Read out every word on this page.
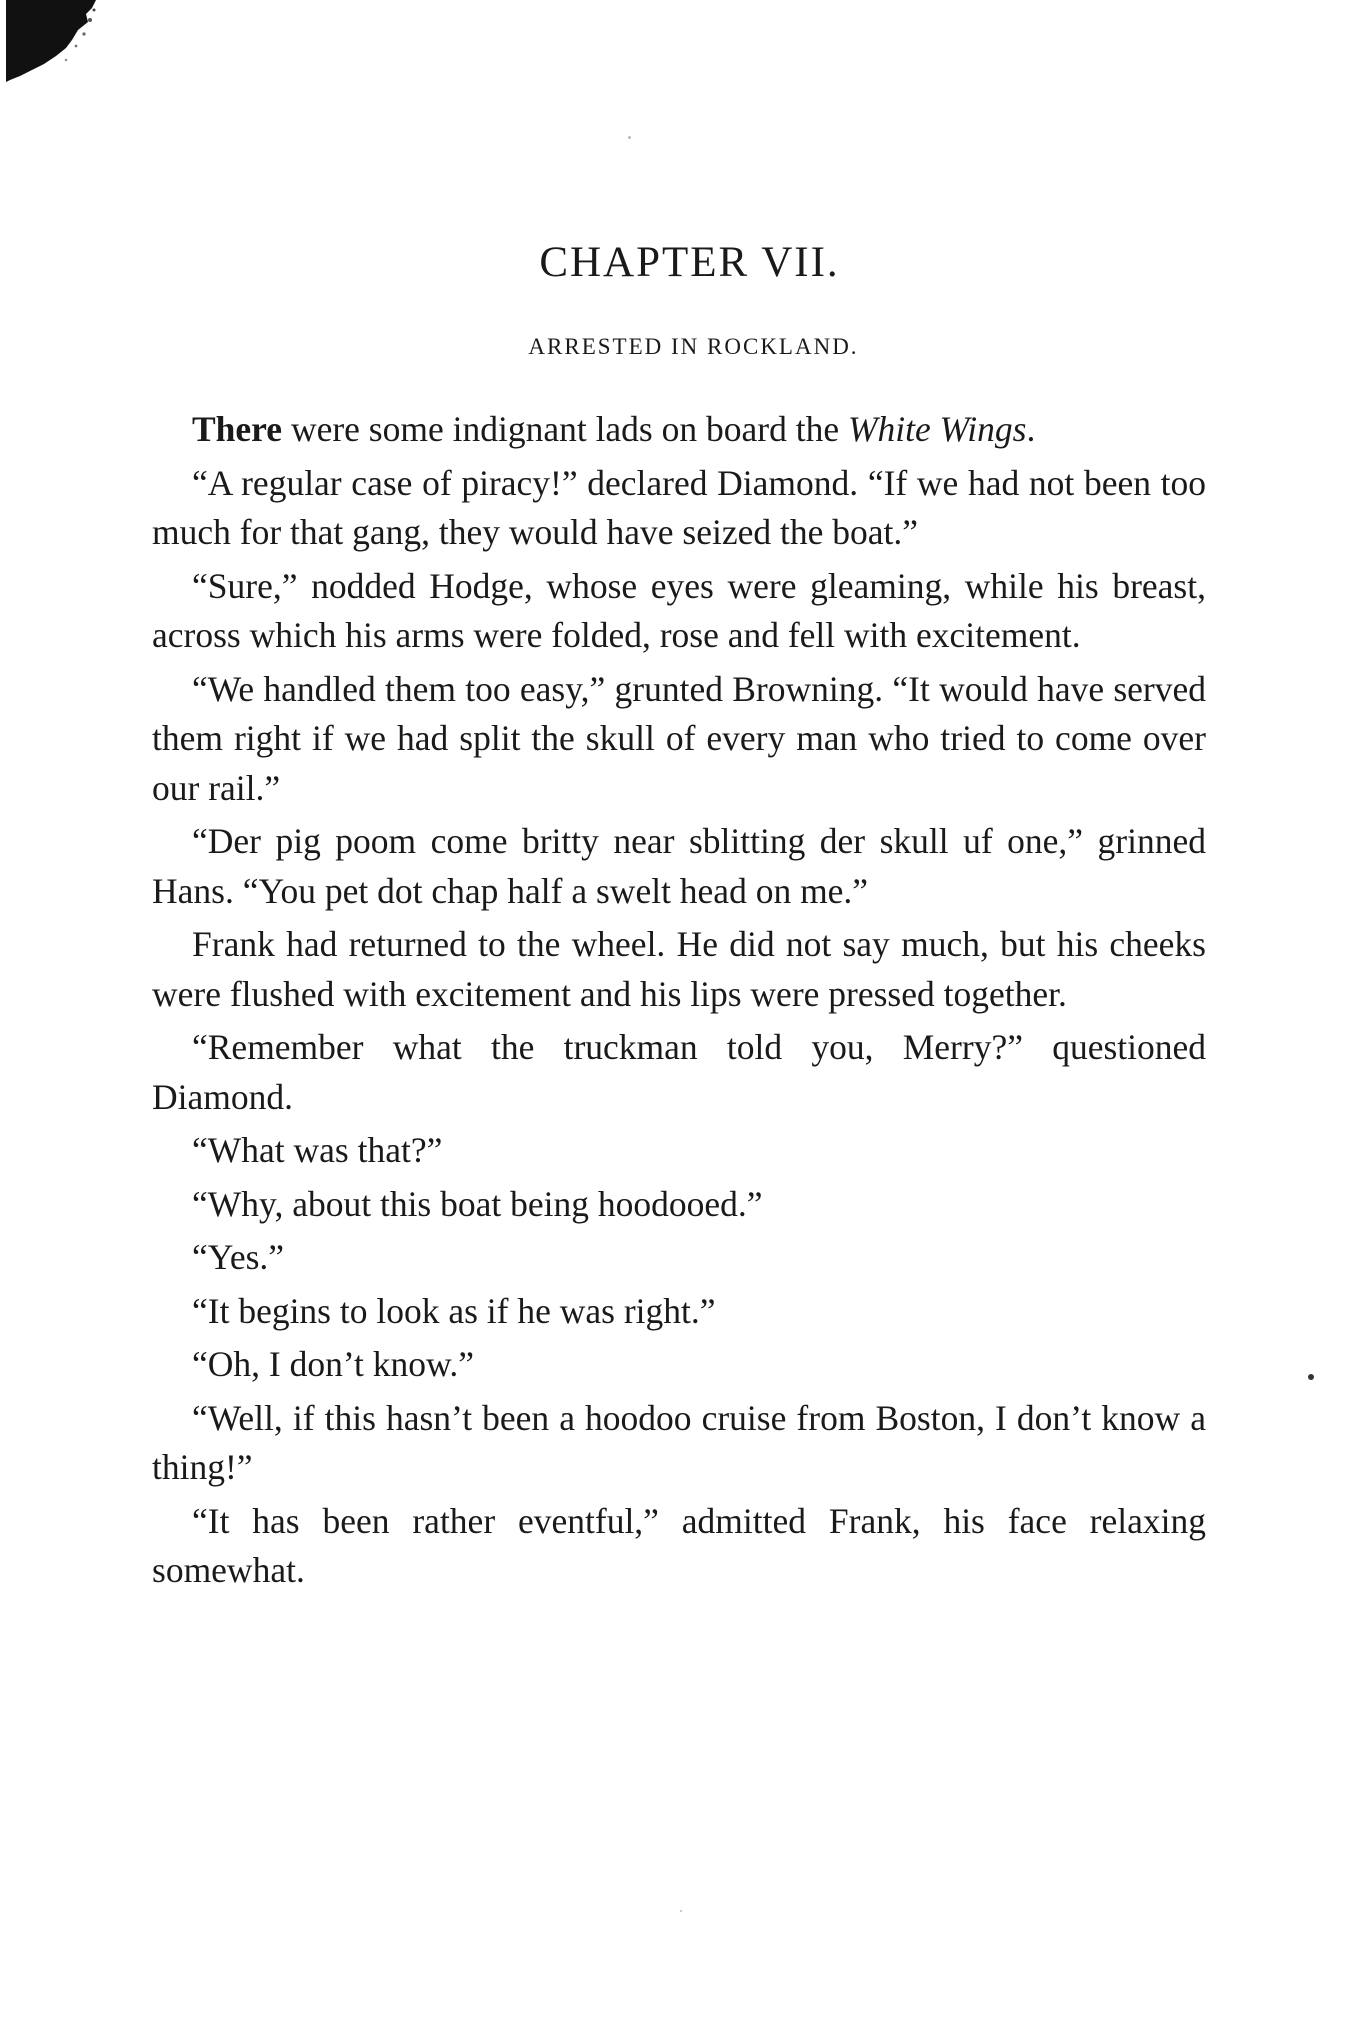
CHAPTER VII.
ARRESTED IN ROCKLAND.

There were some indignant lads on board the White Wings.

“A regular case of piracy!” declared Diamond. “If we had not been too much for that gang, they would have seized the boat.”

“Sure,” nodded Hodge, whose eyes were gleaming, while his breast, across which his arms were folded, rose and fell with excitement.

“We handled them too easy,” grunted Browning. “It would have served them right if we had split the skull of every man who tried to come over our rail.”

“Der pig poom come britty near sblitting der skull uf one,” grinned Hans. “You pet dot chap half a swelt head on me.”

Frank had returned to the wheel. He did not say much, but his cheeks were flushed with excitement and his lips were pressed together.

“Remember what the truckman told you, Merry?” questioned Diamond.

“What was that?”

“Why, about this boat being hoodooed.”

“Yes.”

“It begins to look as if he was right.”

“Oh, I don’t know.”

“Well, if this hasn’t been a hoodoo cruise from Boston, I don’t know a thing!”

“It has been rather eventful,” admitted Frank, his face relaxing somewhat.
